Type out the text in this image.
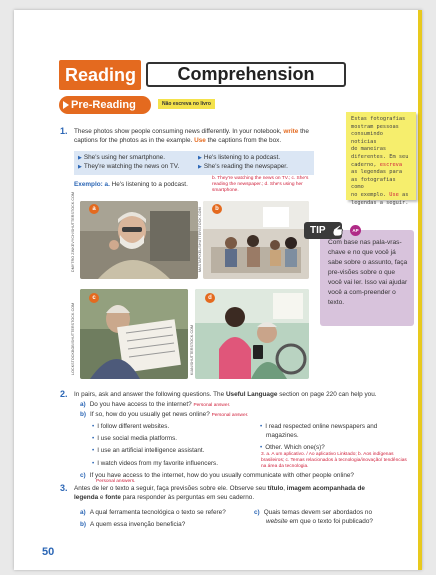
Reading	Comprehension
Pre-Reading	Não escreva no livro
1. These photos show people consuming news differently. In your notebook, write the captions for the photos as in the example. Use the captions from the box.
Estas fotografias
mostram pessoas
consumindo notícias
de maneiras
diferentes. Em seu
caderno, escreva
as legendas para
as fotografias como
no exemplo. Use as
legendas a seguir.
▶ She's using her smartphone.
▶ They're watching the news on TV.
▶ He's listening to a podcast.
▶ She's reading the newspaper.
Exemplo: a. He's listening to a podcast.
b. They're watching the news on TV.; c. She's reading the newspaper.; d. She's using her smartphone.
a
DMYTRO ZINKEVYCH/SHUTTERSTOCK.COM	b
MASTAPIXEL/SHUTTERSTOCK.COM
c
LOCKSTOCKBOB/SHUTTERSTOCK.COM
d
KIAN/SHUTTERSTOCK.COM
TIP	AP
Com base nas pala-vras-chave e no que você já sabe sobre o assunto, faça pre-visões sobre o que você vai ler. Isso vai ajudar você a com-preender o texto.
2. In pairs, ask and answer the following questions. The Useful Language section on page 220 can help you.
a) Do you have access to the internet? Personal answer.
b) If so, how do you usually get news online? Personal answer.
• I follow different websites.
• I use social media platforms.
• I use an artificial intelligence assistant.
• I watch videos from my favorite influencers.
• I read respected online newspapers and
magazines.
• Other. Which one(s)?
3. a. A um aplicativo. / Ao aplicativo LinkIado; b. Aos indígenas brasileiros; c. Temas relacionados à tecnologia/inovação/ tendências na área da tecnologia.
c) If you have access to the internet, how do you usually communicate with other people online?
Personal answers.
3. Antes de ler o texto a seguir, faça previsões sobre ele. Observe seu título, imagem acompanhada de
legenda e fonte para responder às perguntas em seu caderno.
a) A qual ferramenta tecnológica o texto se refere?
b) A quem essa invenção beneficia?
c) Quais temas devem ser abordados no
website em que o texto foi publicado?
50
